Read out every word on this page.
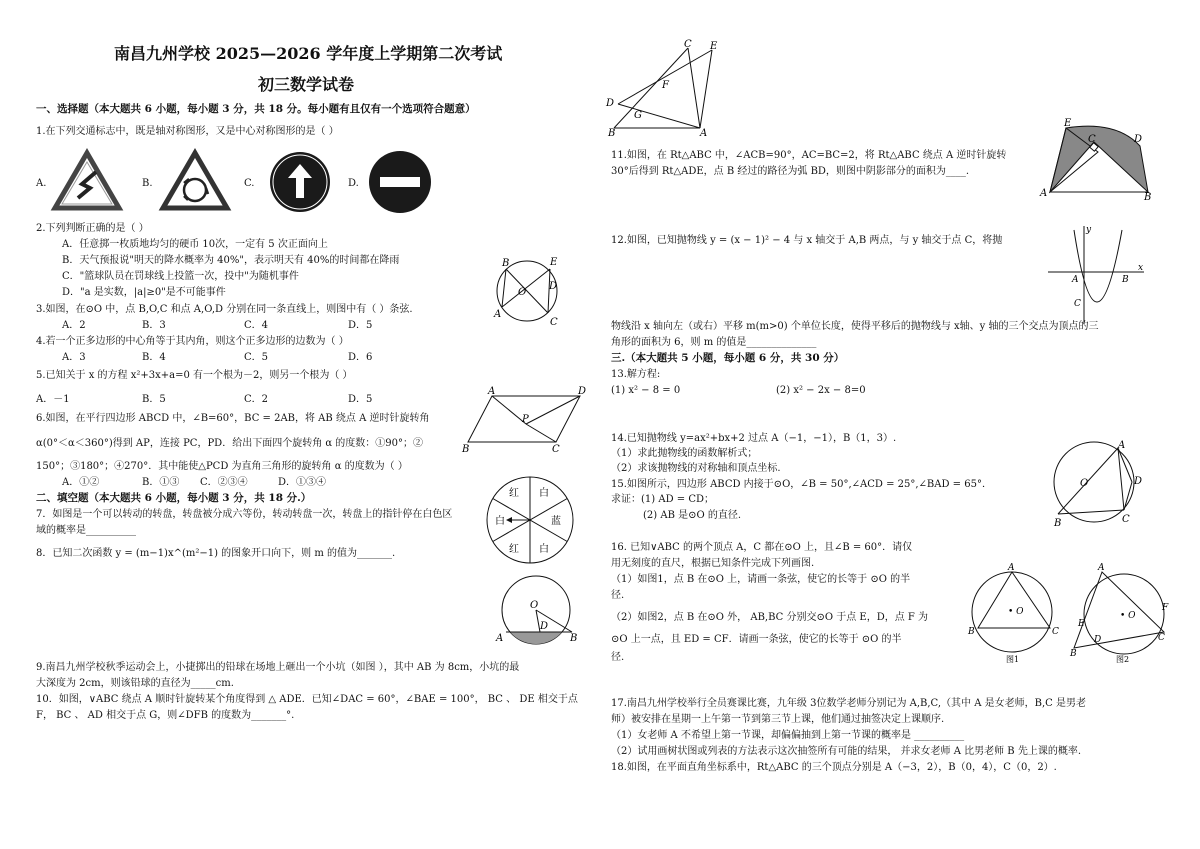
南昌九州学校 2025—2026 学年度上学期第二次考试
初三数学试卷
一、选择题（本大题共 6 小题，每小题 3 分，共 18 分。每小题有且仅有一个选项符合题意）
1.在下列交通标志中，既是轴对称图形，又是中心对称图形的是（ ）
A.	B.	C.	D.
2.下列判断正确的是（ ）
A．任意掷一枚质地均匀的硬币 10次，一定有 5 次正面向上
B．天气预报说"明天的降水概率为 40%"，表示明天有 40%的时间都在降雨
C．"篮球队员在罚球线上投篮一次，投中"为随机事件
D．"a 是实数，|a|≥0"是不可能事件
B	E
D
O
A
C
3.如图，在⊙O 中，点 B,O,C 和点 A,O,D 分别在同一条直线上，则图中有（ ）条弦.
A．2	B．3	C．4	D．5
4.若一个正多边形的中心角等于其内角，则这个正多边形的边数为（ ）
A．3	B．4	C．5	D．6
5.已知关于 x 的方程 x²+3x+a=0 有一个根为－2，则另一个根为（ ）
A．－1	B．5	C．2	D．5
A	D
P
B	C
6.如图，在平行四边形 ABCD 中，∠B=60°，BC = 2AB，将 AB 绕点 A 逆时针旋转角
α(0°＜α＜360°)得到 AP，连接 PC，PD．给出下面四个旋转角 α 的度数：①90°；②
150°；③180°；④270°．其中能使△PCD 为直角三角形的旋转角 α 的度数为（ ）
A．①②	B．①③ C．②③④	D．①③④
二、填空题（本大题共 6 小题，每小题 3 分，共 18 分.）
7．如图是一个可以转动的转盘，转盘被分成六等份，转动转盘一次，转盘上的指针停在白色区
域的概率是__________
红 白
蓝
白
红
白
8．已知二次函数 y = (m−1)x^(m²−1) 的图象开口向下，则 m 的值为_______.
O
D
A	B
9.南昌九州学校秋季运动会上，小捷掷出的铅球在场地上砸出一个小坑（如图 ），其中 AB 为 8cm，小坑的最
大深度为 2cm，则该铅球的直径为_____cm.
10．如图，∨ABC 绕点 A 顺时针旋转某个角度得到 △ ADE．已知∠DAC = 60°，∠BAE = 100°， BC 、 DE 相交于点
F， BC 、 AD 相交于点 G，则∠DFB 的度数为_______°.
C E
F
D
G
B	A
11.如图，在 Rt△ABC 中，∠ACB=90°，AC=BC=2，将 Rt△ABC 绕点 A 逆时针旋转
30°后得到 Rt△ADE，点 B 经过的路径为弧 BD，则图中阴影部分的面积为____.
E
C	D
A	B
12.如图，已知抛物线 y = (x − 1)² − 4 与 x 轴交于 A,B 两点，与 y 轴交于点 C，将抛
x
y
A	B
C
物线沿 x 轴向左（或右）平移 m(m>0) 个单位长度，使得平移后的抛物线与 x轴、y 轴的三个交点为顶点的三
角形的面积为 6，则 m 的值是______________
三.（本大题共 5 小题，每小题 6 分，共 30 分）
13.解方程:
(1) x² − 8 = 0	(2) x² − 2x − 8=0
14.已知抛物线 y=ax²+bx+2 过点 A（−1，−1），B（1，3）.
（1）求此抛物线的函数解析式；
（2）求该抛物线的对称轴和顶点坐标.
O
A
D
C
B
15.如图所示，四边形 ABCD 内接于⊙O，∠B = 50°,∠ACD = 25°,∠BAD = 65°．
求证：(1) AD = CD；
(2) AB 是⊙O 的直径.
16. 已知∨ABC 的两个顶点 A，C 都在⊙O 上，且∠B = 60°．请仅
用无刻度的直尺，根据已知条件完成下列画图.
（1）如图1，点 B 在⊙O 上，请画一条弦，使它的长等于 ⊙O 的半
径.
（2）如图2，点 B 在⊙O 外， AB,BC 分别交⊙O 于点 E，D，点 F 为
⊙O 上一点，且 ED = CF．请画一条弦，使它的长等于 ⊙O 的半
径.
A
B	C
• O
图1
A
E
B
D
F
C
• O
图2
17.南昌九州学校举行全员赛课比赛，九年级 3位数学老师分别记为 A,B,C,（其中 A 是女老师，B,C 是男老
师）被安排在星期一上午第一节到第三节上课，他们通过抽签决定上课顺序.
（1）女老师 A 不希望上第一节课，却偏偏抽到上第一节课的概率是 __________
（2）试用画树状图或列表的方法表示这次抽签所有可能的结果， 并求女老师 A 比男老师 B 先上课的概率.
18.如图，在平面直角坐标系中，Rt△ABC 的三个顶点分别是 A（−3，2），B（0，4），C（0，2）.
